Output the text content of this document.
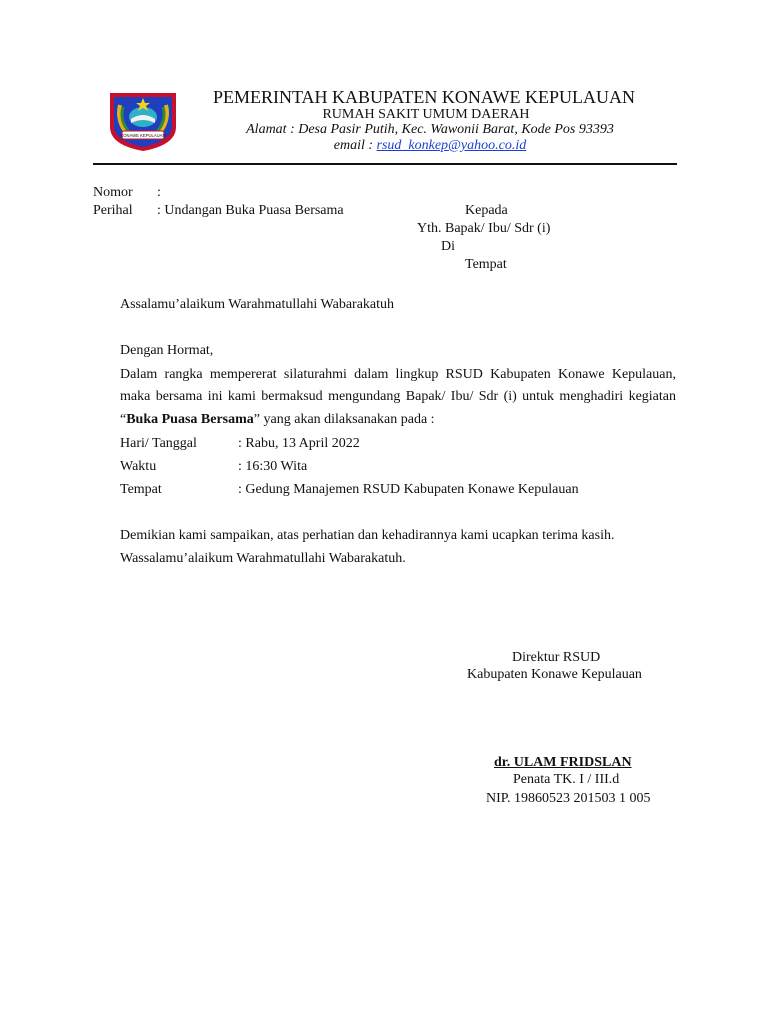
KONAWE KEPULAUAN
PEMERINTAH KABUPATEN KONAWE KEPULAUAN
RUMAH SAKIT UMUM DAERAH
Alamat : Desa Pasir Putih, Kec. Wawonii Barat, Kode Pos 93393
email : rsud_konkep@yahoo.co.id
Nomor :
Perihal : Undangan Buka Puasa Bersama	Kepada
Yth. Bapak/ Ibu/ Sdr (i)
Di
Tempat
Assalamu’alaikum Warahmatullahi Wabarakatuh
Dengan Hormat,
Dalam rangka mempererat silaturahmi dalam lingkup RSUD Kabupaten Konawe Kepulauan,
maka bersama ini kami bermaksud mengundang Bapak/ Ibu/ Sdr (i) untuk menghadiri kegiatan
“Buka Puasa Bersama” yang akan dilaksanakan pada :
Hari/ Tanggal	: Rabu, 13 April 2022
Waktu	: 16:30 Wita
Tempat	: Gedung Manajemen RSUD Kabupaten Konawe Kepulauan
Demikian kami sampaikan, atas perhatian dan kehadirannya kami ucapkan terima kasih.
Wassalamu’alaikum Warahmatullahi Wabarakatuh.
Direktur RSUD
Kabupaten Konawe Kepulauan
dr. ULAM FRIDSLAN
Penata TK. I / III.d
NIP. 19860523 201503 1 005
